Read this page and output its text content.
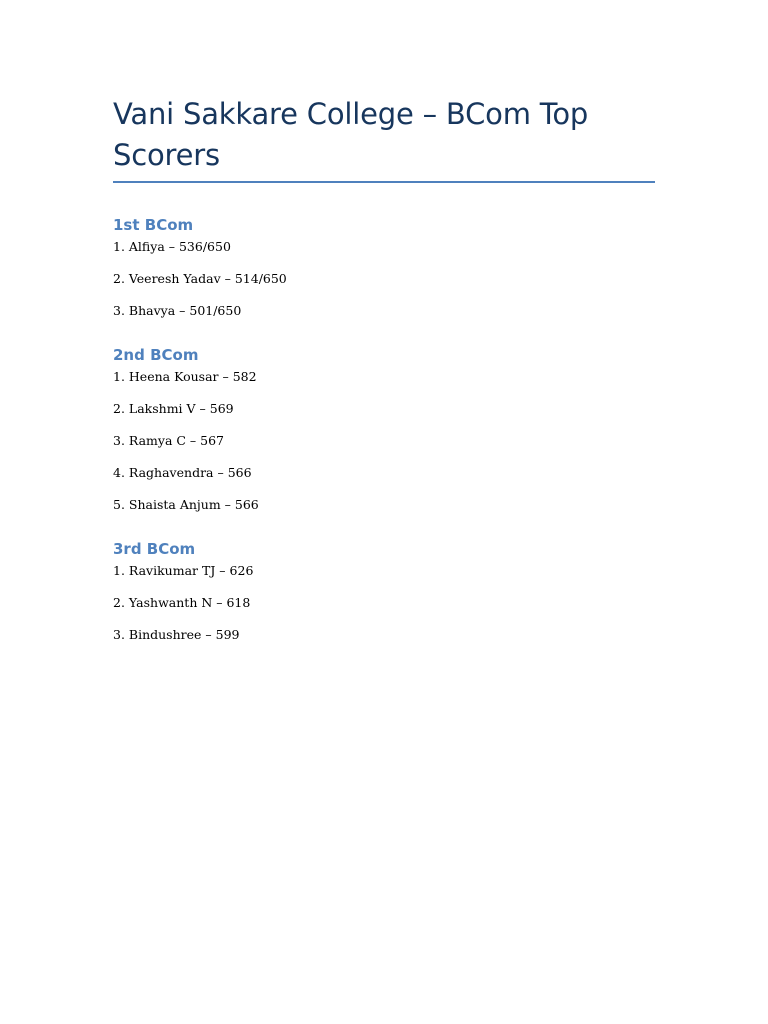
Vani Sakkare College – BCom Top Scorers
1st BCom
1. Alfiya – 536/650
2. Veeresh Yadav – 514/650
3. Bhavya – 501/650
2nd BCom
1. Heena Kousar – 582
2. Lakshmi V – 569
3. Ramya C – 567
4. Raghavendra – 566
5. Shaista Anjum – 566
3rd BCom
1. Ravikumar TJ – 626
2. Yashwanth N – 618
3. Bindushree – 599
